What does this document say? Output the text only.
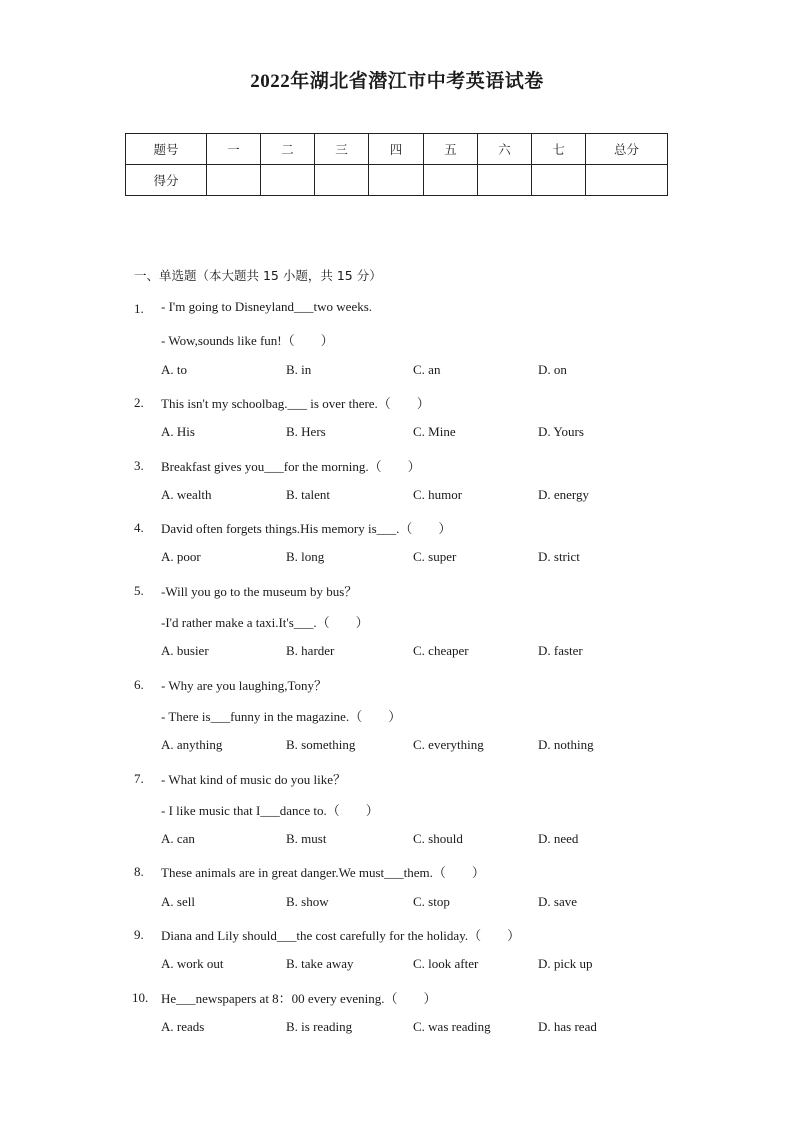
2022年湖北省潜江市中考英语试卷
题号	一	二	三	四	五	六	七	总分
得分								
一、单选题（本大题共 15 小题，共 15 分）
1. - I'm going to Disneyland___two weeks.
- Wow,sounds like fun!（　　）
A. to	B. in	C. an	D. on
2. This isn't my schoolbag.___ is over there.（　　）
A. His	B. Hers	C. Mine	D. Yours
3. Breakfast gives you___for the morning.（　　）
A. wealth	B. talent	C. humor	D. energy
4. David often forgets things.His memory is___.（　　）
A. poor	B. long	C. super	D. strict
5. -Will you go to the museum by bus？
-I'd rather make a taxi.It's___.（　　）
A. busier	B. harder	C. cheaper	D. faster
6. - Why are you laughing,Tony？
- There is___funny in the magazine.（　　）
A. anything	B. something	C. everything	D. nothing
7. - What kind of music do you like？
- I like music that I___dance to.（　　）
A. can	B. must	C. should	D. need
8. These animals are in great danger.We must___them.（　　）
A. sell	B. show	C. stop	D. save
9. Diana and Lily should___the cost carefully for the holiday.（　　）
A. work out	B. take away	C. look after	D. pick up
10. He___newspapers at 8：00 every evening.（　　）
A. reads	B. is reading	C. was reading	D. has read
